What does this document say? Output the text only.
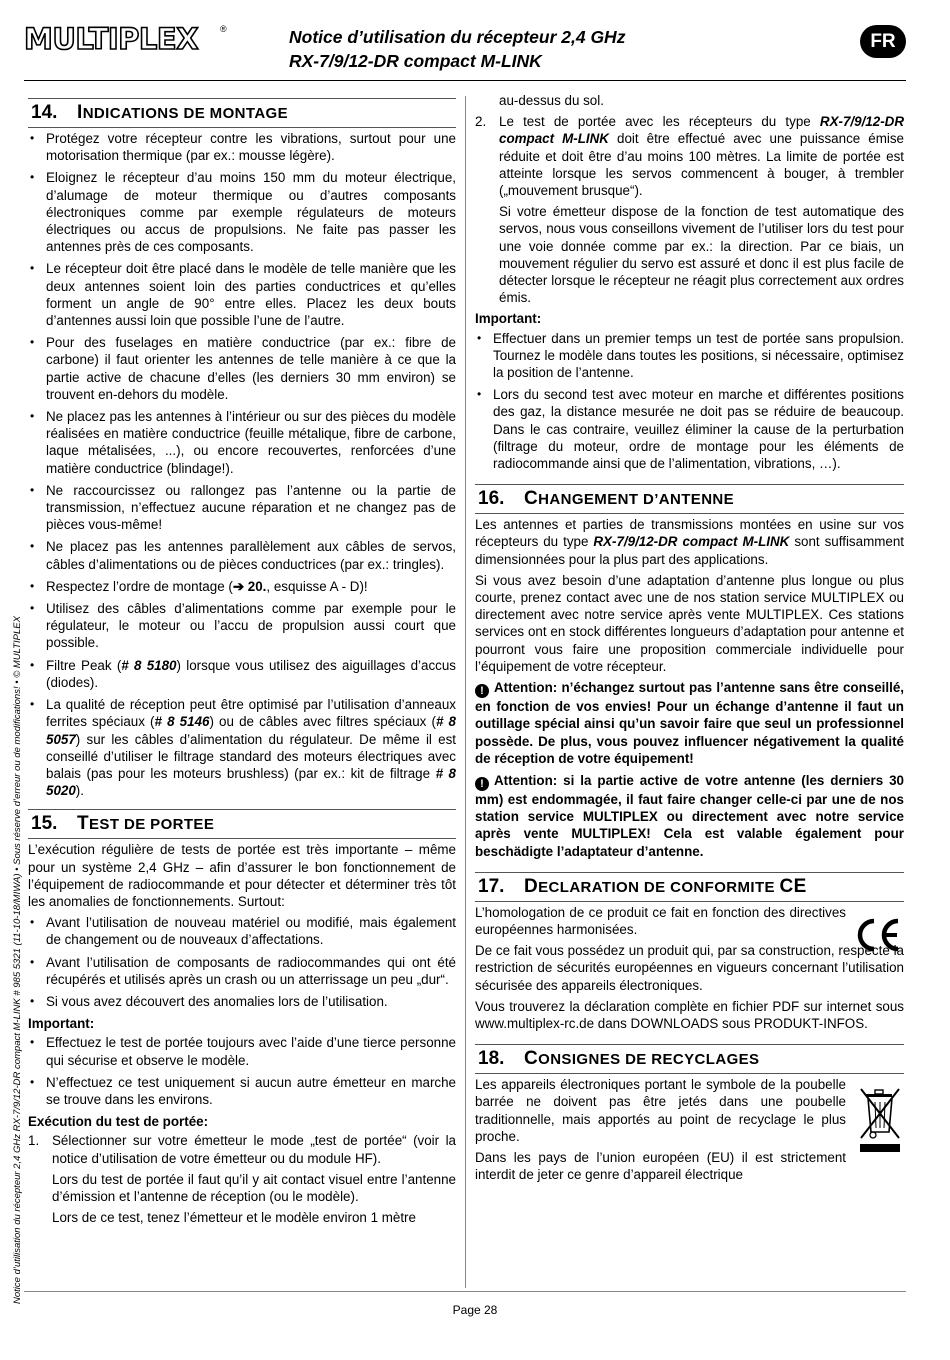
MULTIPLEX ®	Notice d’utilisation du récepteur 2,4 GHz
RX-7/9/12-DR compact M-LINK
FR
Notice d’utilisation du récepteur 2,4 GHz RX-7/9/12-DR compact M-LINK # 985 5321 (11-10-18/MIWA) • Sous réserve d’erreur ou de modifications! • © MULTIPLEX
14. INDICATIONS DE MONTAGE
• Protégez votre récepteur contre les vibrations, surtout pour une motorisation thermique (par ex.: mousse légère).
• Eloignez le récepteur d’au moins 150 mm du moteur électrique, d’alumage de moteur thermique ou d’autres composants électroniques comme par exemple régulateurs de moteurs électriques ou accus de propulsions. Ne faite pas passer les antennes près de ces composants.
• Le récepteur doit être placé dans le modèle de telle manière que les deux antennes soient loin des parties conductrices et qu’elles forment un angle de 90° entre elles. Placez les deux bouts d’antennes aussi loin que possible l’une de l’autre.
• Pour des fuselages en matière conductrice (par ex.: fibre de carbone) il faut orienter les antennes de telle manière à ce que la partie active de chacune d’elles (les derniers 30 mm environ) se trouvent en-dehors du modèle.
• Ne placez pas les antennes à l’intérieur ou sur des pièces du modèle réalisées en matière conductrice (feuille métalique, fibre de carbone, laque métalisées, ...), ou encore recouvertes, renforcées d’une matière conductrice (blindage!).
• Ne raccourcissez ou rallongez pas l’antenne ou la partie de transmission, n’effectuez aucune réparation et ne changez pas de pièces vous-même!
• Ne placez pas les antennes parallèlement aux câbles de servos, câbles d’alimentations ou de pièces conductrices (par ex.: tringles).
• Respectez l’ordre de montage (➔ 20., esquisse A - D)!
• Utilisez des câbles d’alimentations comme par exemple pour le régulateur, le moteur ou l’accu de propulsion aussi court que possible.
• Filtre Peak (# 8 5180) lorsque vous utilisez des aiguillages d’accus (diodes).
• La qualité de réception peut être optimisé par l’utilisation d’anneaux ferrites spéciaux (# 8 5146) ou de câbles avec filtres spéciaux (# 8 5057) sur les câbles d’alimentation du régulateur. De même il est conseillé d’utiliser le filtrage standard des moteurs électriques avec balais (pas pour les moteurs brushless) (par ex.: kit de filtrage # 8 5020).
15. TEST DE PORTEE

L’exécution régulière de tests de portée est très importante – même pour un système 2,4 GHz – afin d’assurer le bon fonctionnement de l’équipement de radiocommande et pour détecter et déterminer très tôt les anomalies de fonctionnements. Surtout:

• Avant l’utilisation de nouveau matériel ou modifié, mais également de changement ou de nouveaux d’affectations.
• Avant l’utilisation de composants de radiocommandes qui ont été récupérés et utilisés après un crash ou un atterrissage un peu „dur“.
• Si vous avez découvert des anomalies lors de l’utilisation.
Important:
• Effectuez le test de portée toujours avec l’aide d’une tierce personne qui sécurise et observe le modèle.
• N’effectuez ce test uniquement si aucun autre émetteur en marche se trouve dans les environs.
Exécution du test de portée:
1. Sélectionner sur votre émetteur le mode „test de portée“ (voir la notice d’utilisation de votre émetteur ou du module HF).

Lors du test de portée il faut qu’il y ait contact visuel entre l’antenne d’émission et l’antenne de réception (ou le modèle).

Lors de ce test, tenez l’émetteur et le modèle environ 1 mètre

au-dessus du sol.

2. Le test de portée avec les récepteurs du type RX-7/9/12-DR compact M-LINK doit être effectué avec une puissance émise réduite et doit être d’au moins 100 mètres. La limite de portée est atteinte lorsque les servos commencent à bouger, à trembler („mouvement brusque“).

Si votre émetteur dispose de la fonction de test automatique des servos, nous vous conseillons vivement de l’utiliser lors du test pour une voie donnée comme par ex.: la direction. Par ce biais, un mouvement régulier du servo est assuré et donc il est plus facile de détecter lorsque le récepteur ne réagit plus correctement aux ordres émis.

Important:
• Effectuer dans un premier temps un test de portée sans propulsion. Tournez le modèle dans toutes les positions, si nécessaire, optimisez la position de l’antenne.
• Lors du second test avec moteur en marche et différentes positions des gaz, la distance mesurée ne doit pas se réduire de beaucoup. Dans le cas contraire, veuillez éliminer la cause de la perturbation (filtrage du moteur, ordre de montage pour les éléments de radiocommande ainsi que de l’alimentation, vibrations, …).
16. CHANGEMENT D’ANTENNE

Les antennes et parties de transmissions montées en usine sur vos récepteurs du type RX-7/9/12-DR compact M-LINK sont suffisamment dimensionnées pour la plus part des applications.

Si vous avez besoin d’une adaptation d’antenne plus longue ou plus courte, prenez contact avec une de nos station service MULTIPLEX ou directement avec notre service après vente MULTIPLEX. Ces stations services ont en stock différentes longueurs d’adaptation pour antenne et pourront vous faire une proposition commerciale individuelle pour l’équipement de votre récepteur.

! Attention: n’échangez surtout pas l’antenne sans être conseillé, en fonction de vos envies! Pour un échange d’antenne il faut un outillage spécial ainsi qu’un savoir faire que seul un professionnel possède. De plus, vous pouvez influencer négativement la qualité de réception de votre équipement!
! Attention: si la partie active de votre antenne (les derniers 30 mm) est endommagée, il faut faire changer celle-ci par une de nos station service MULTIPLEX ou directement avec notre service après vente MULTIPLEX! Cela est valable également pour beschädigte l’adaptateur d’antenne.
17. DECLARATION DE CONFORMITE CE

L’homologation de ce produit ce fait en fonction des directives européennes harmonisées.

De ce fait vous possédez un produit qui, par sa construction, respecte la restriction de sécurités européennes en vigueurs concernant l’utilisation sécurisée des appareils électroniques.

Vous trouverez la déclaration complète en fichier PDF sur internet sous www.multiplex-rc.de dans DOWNLOADS sous PRODUKT-INFOS.

18. CONSIGNES DE RECYCLAGES

Les appareils électroniques portant le symbole de la poubelle barrée ne doivent pas être jetés dans une poubelle traditionnelle, mais apportés au point de recyclage le plus proche.

Dans les pays de l’union européen (EU) il est strictement interdit de jeter ce genre d’appareil électrique

Page 28
